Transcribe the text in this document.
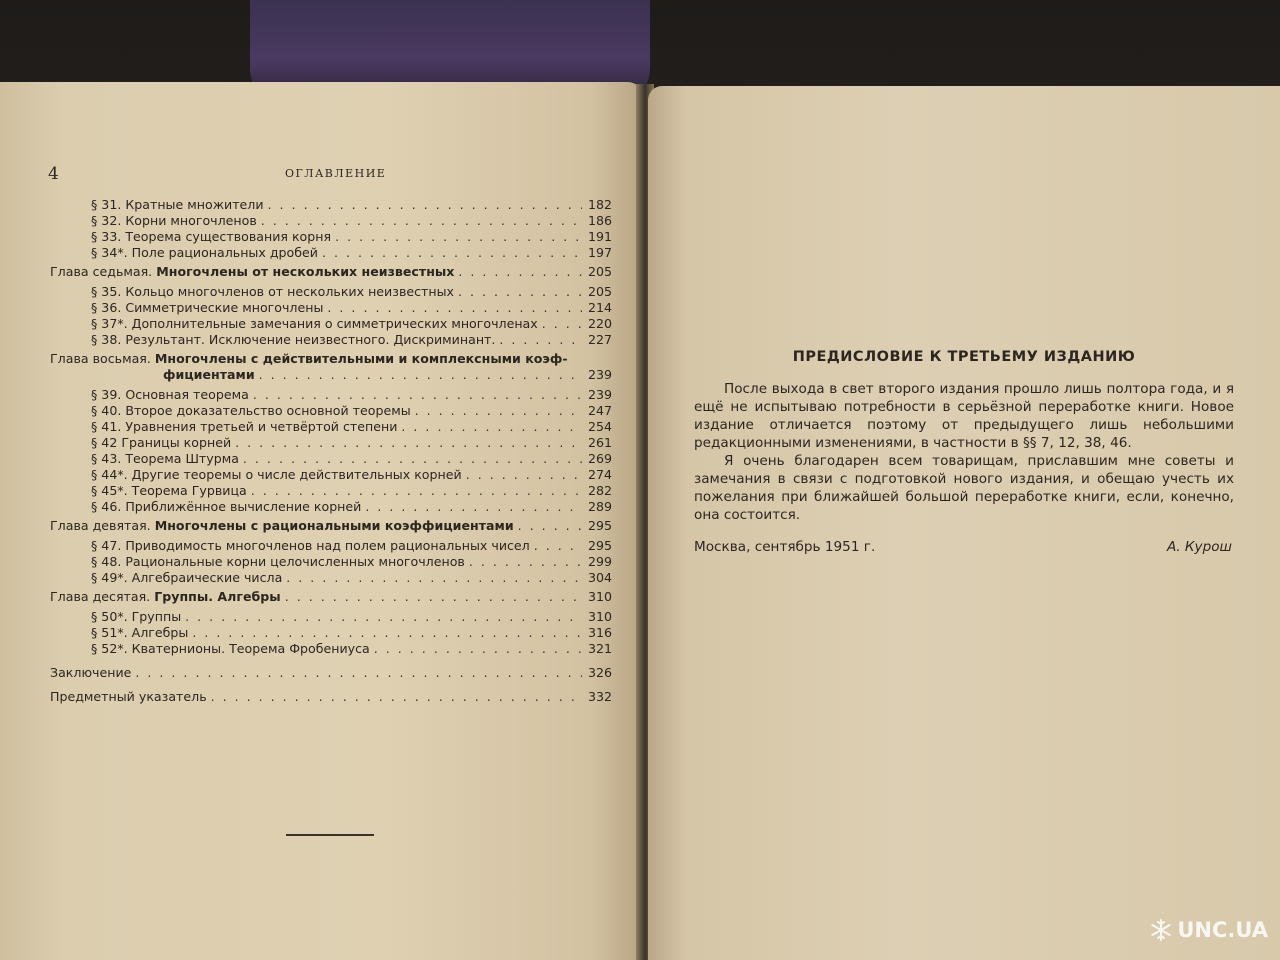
4	ОГЛАВЛЕНИЕ
§ 31. Кратные множители . . .	182
§ 32. Корни многочленов . . .	186
§ 33. Теорема существования корня . . .	191
§ 34*. Поле рациональных дробей . . .	197
Глава седьмая.
Многочлены от нескольких неизвестных . . .	205
§ 35. Кольцо многочленов от нескольких неизвестных . . .	205
§ 36. Симметрические многочлены . . .	214
§ 37*. Дополнительные замечания о симметрических многочленах . . .	220
§ 38. Результант. Исключение неизвестного. Дискриминант. . . .	227
Глава восьмая.
Многочлены с действительными и комплексными коэф-
фициентами . . .	239
§ 39. Основная теорема . . .	239
§ 40. Второе доказательство основной теоремы . . .	247
§ 41. Уравнения третьей и четвёртой степени . . .	254
§ 42 Границы корней . . .	261
§ 43. Теорема Штурма . . .	269
§ 44*. Другие теоремы о числе действительных корней . . .	274
§ 45*. Теорема Гурвица . . .	282
§ 46. Приближённое вычисление корней . . .	289
Глава девятая.
Многочлены с рациональными коэффициентами . . .	295
§ 47. Приводимость многочленов над полем рациональных чисел . . .	295
§ 48. Рациональные корни целочисленных многочленов . . .	299
§ 49*. Алгебраические числа . . .	304
Глава десятая.
Группы. Алгебры . . .	310
§ 50*. Группы . . .	310
§ 51*. Алгебры . . .	316
§ 52*. Кватернионы. Теорема Фробениуса . . .	321
Заключение . . .	326
Предметный указатель . . .	332
ПРЕДИСЛОВИЕ К ТРЕТЬЕМУ ИЗДАНИЮ

После выхода в свет второго издания прошло лишь полтора года, и я ещё не испытываю потребности в серьёзной переработке книги. Новое издание отличается поэтому от предыдущего лишь небольшими редакционными изменениями, в частности в §§ 7, 12, 38, 46.

Я очень благодарен всем товарищам, приславшим мне советы и замечания в связи с подготовкой нового издания, и обещаю учесть их пожелания при ближайшей большой переработке книги, если, конечно, она состоится.

Москва, сентябрь 1951 г.	А. Курош
UNC.UA
